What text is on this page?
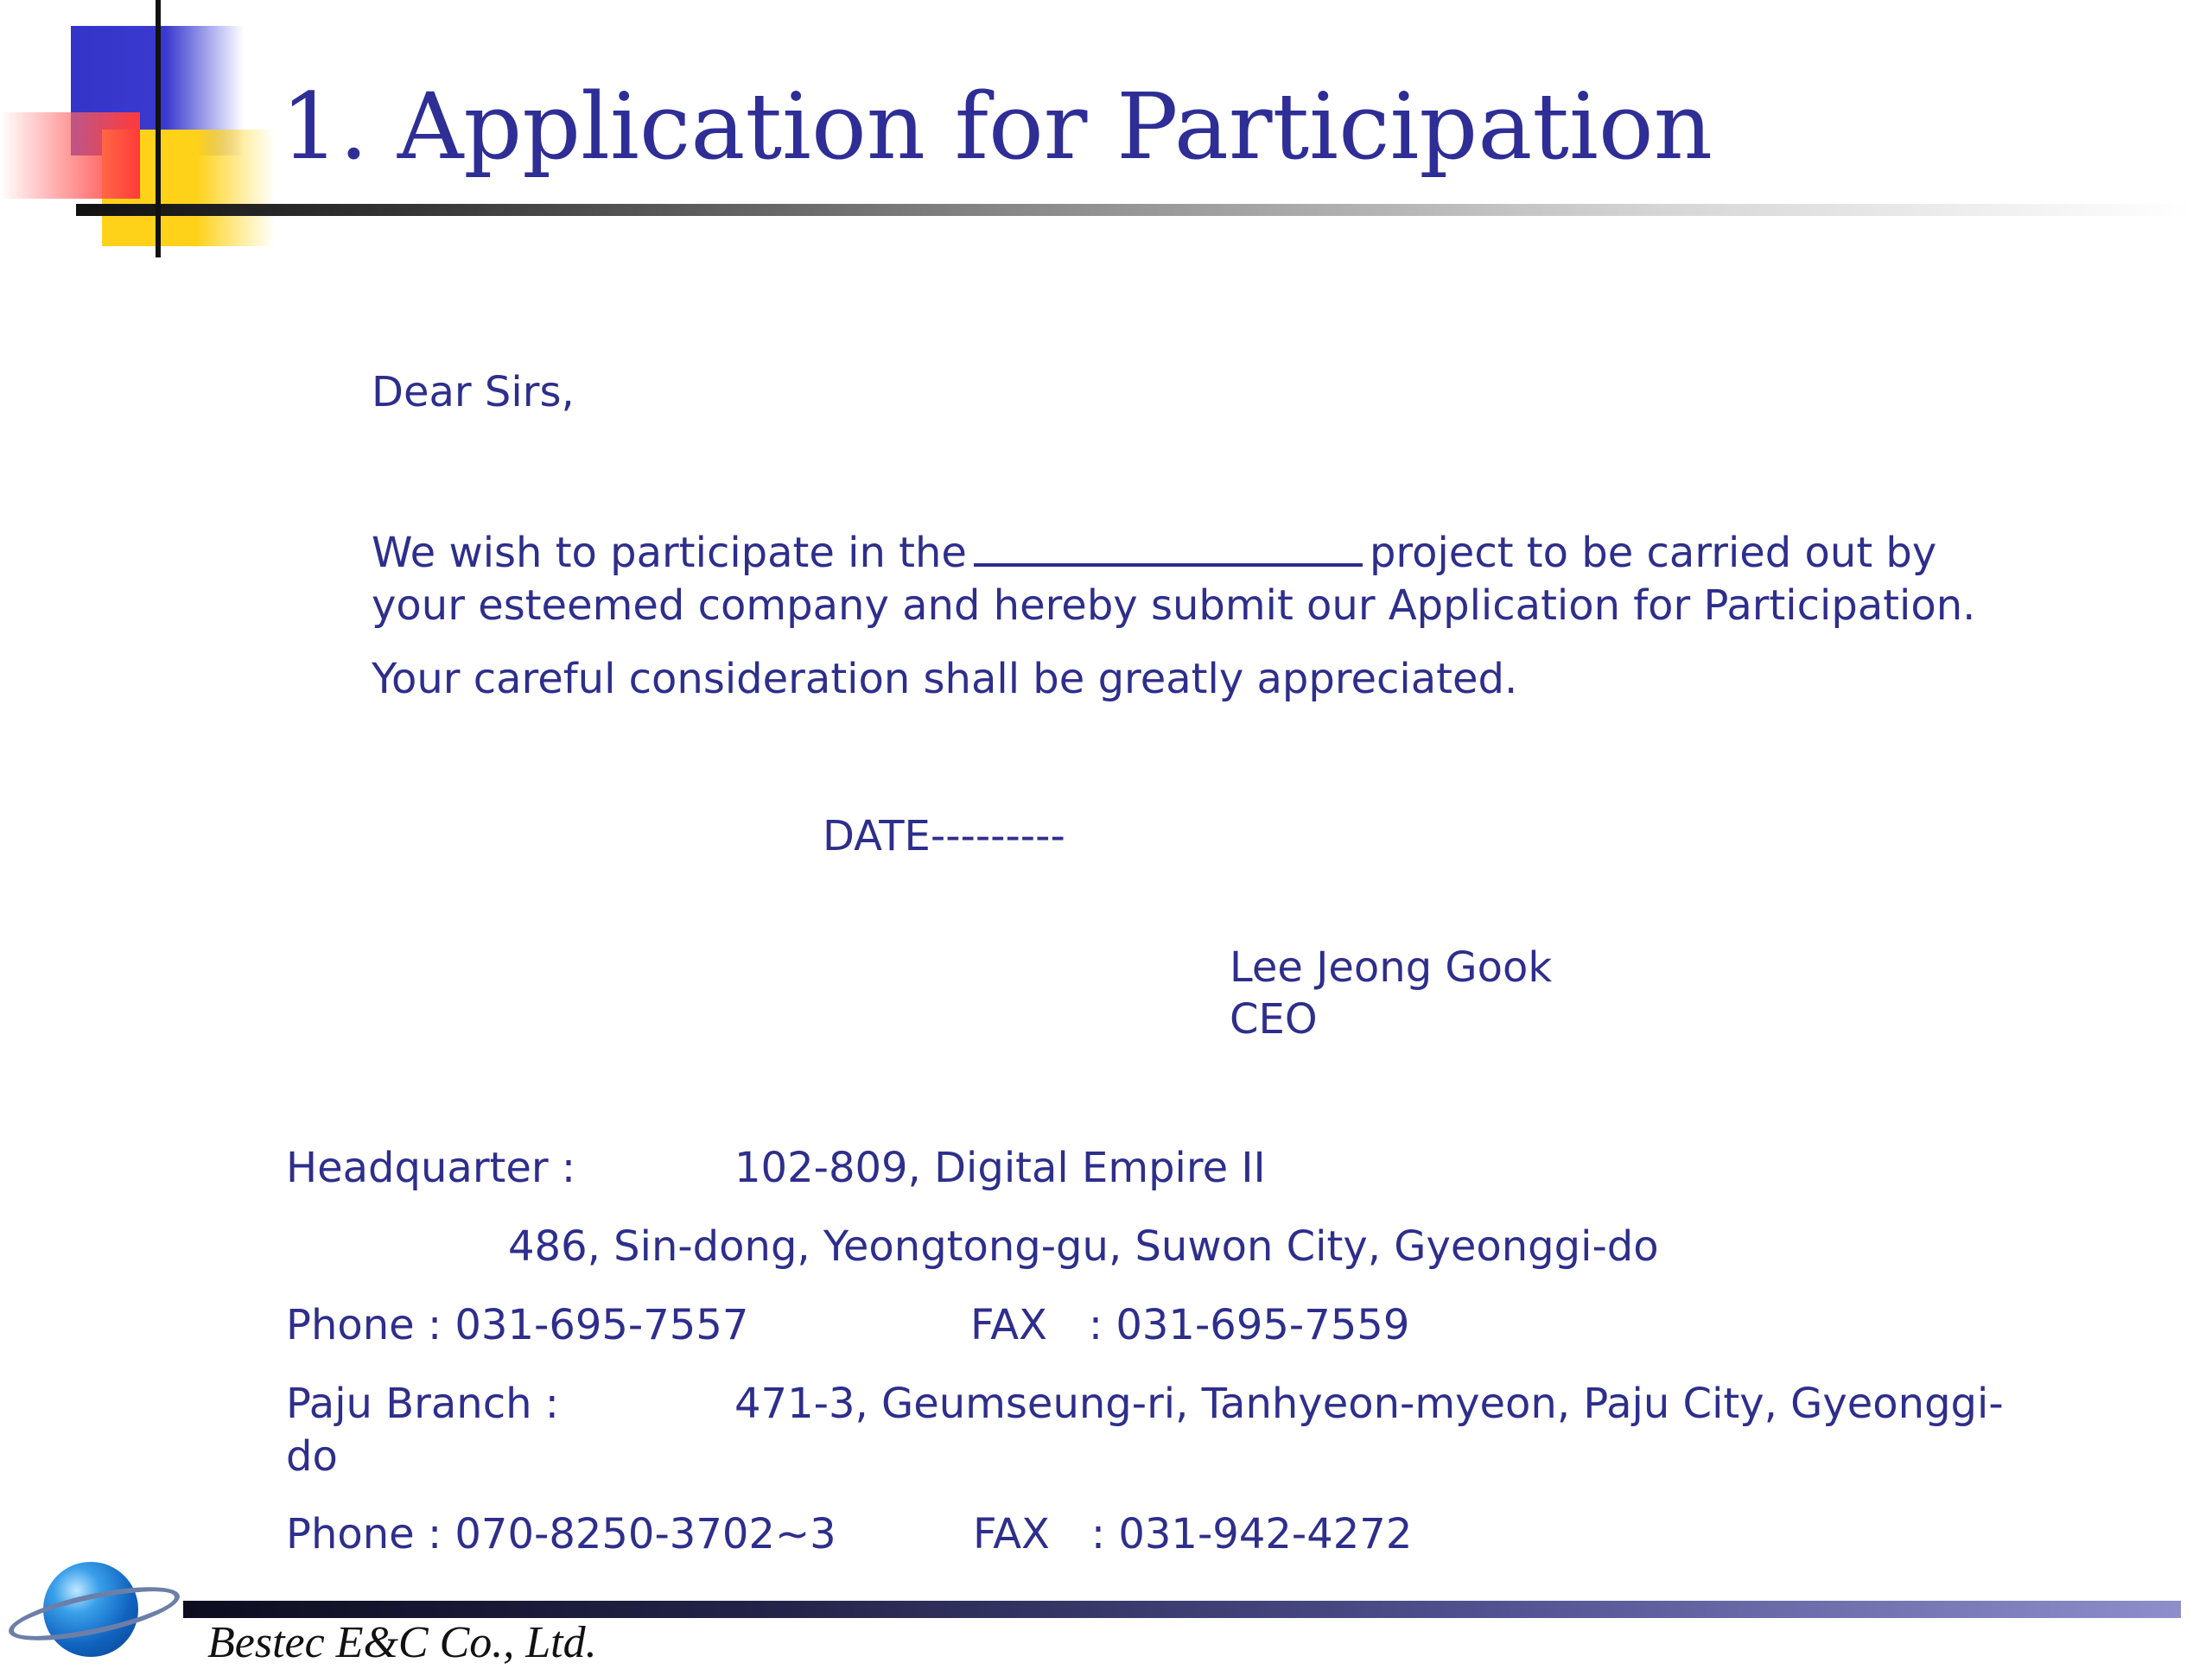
1. Application for Participation
Dear Sirs,
We wish to participate in the	project to be carried out by
your esteemed company and hereby submit our Application for Participation.
Your careful consideration shall be greatly appreciated.
DATE---------
Lee Jeong Gook
CEO
Headquarter :	102-809, Digital Empire II
486, Sin-dong, Yeongtong-gu, Suwon City, Gyeonggi-do
Phone : 031-695-7557	FAX　: 031-695-7559
Paju Branch :	471-3, Geumseung-ri, Tanhyeon-myeon, Paju City, Gyeonggi-
do
Phone : 070-8250-3702~3	FAX　: 031-942-4272
Bestec E&C Co., Ltd.
